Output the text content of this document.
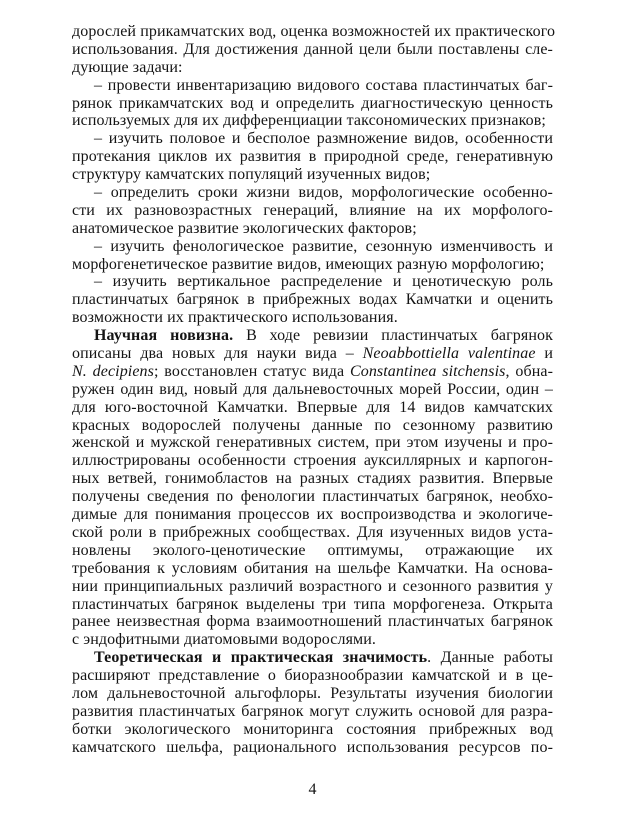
дорослей прикамчатских вод, оценка возможностей их практического
использования. Для достижения данной цели были поставлены сле-
дующие задачи:
– провести инвентаризацию видового состава пластинчатых баг-
рянок прикамчатских вод и определить диагностическую ценность
используемых для их дифференциации таксономических признаков;
– изучить половое и бесполое размножение видов, особенности
протекания циклов их развития в природной среде, генеративную
структуру камчатских популяций изученных видов;
– определить сроки жизни видов, морфологические особенно-
сти их разновозрастных генераций, влияние на их морфолого-
анатомическое развитие экологических факторов;
– изучить фенологическое развитие, сезонную изменчивость и
морфогенетическое развитие видов, имеющих разную морфологию;
– изучить вертикальное распределение и ценотическую роль
пластинчатых багрянок в прибрежных водах Камчатки и оценить
возможности их практического использования.
Научная новизна. В ходе ревизии пластинчатых багрянок
описаны два новых для науки вида – Neoabbottiella valentinae и
N. decipiens; восстановлен статус вида Constantinea sitchensis, обна-
ружен один вид, новый для дальневосточных морей России, один –
для юго-восточной Камчатки. Впервые для 14 видов камчатских
красных водорослей получены данные по сезонному развитию
женской и мужской генеративных систем, при этом изучены и про-
иллюстрированы особенности строения ауксиллярных и карпогон-
ных ветвей, гонимобластов на разных стадиях развития. Впервые
получены сведения по фенологии пластинчатых багрянок, необхо-
димые для понимания процессов их воспроизводства и экологиче-
ской роли в прибрежных сообществах. Для изученных видов уста-
новлены эколого-ценотические оптимумы, отражающие их
требования к условиям обитания на шельфе Камчатки. На основа-
нии принципиальных различий возрастного и сезонного развития у
пластинчатых багрянок выделены три типа морфогенеза. Открыта
ранее неизвестная форма взаимоотношений пластинчатых багрянок
с эндофитными диатомовыми водорослями.
Теоретическая и практическая значимость. Данные работы
расширяют представление о биоразнообразии камчатской и в це-
лом дальневосточной альгофлоры. Результаты изучения биологии
развития пластинчатых багрянок могут служить основой для разра-
ботки экологического мониторинга состояния прибрежных вод
камчатского шельфа, рационального использования ресурсов по-
4
